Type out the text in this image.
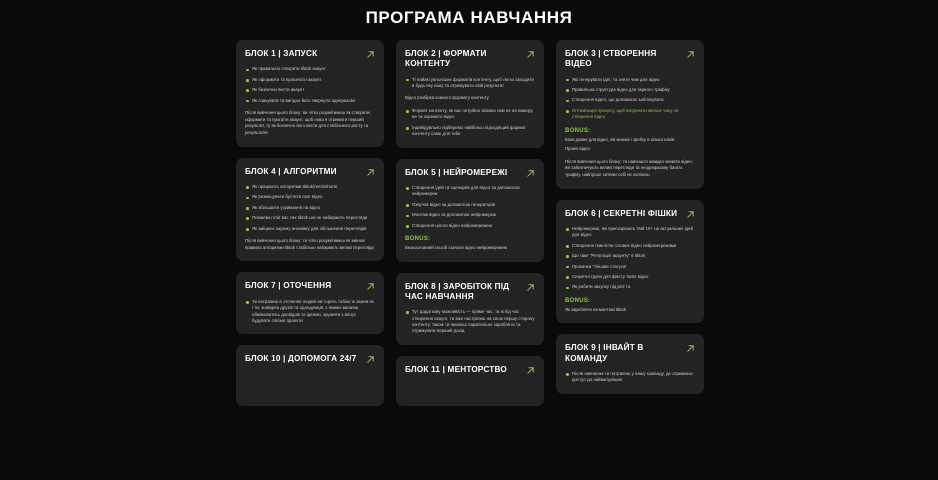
ПРОГРАМА НАВЧАННЯ
БЛОК 1 | ЗАПУСК
Як правильно створити tiktok акаунт
Як оформити та прокачати акаунт
Як безпечно вести акаунт
Як спакувати та вигідно його звернуло одноразово
Після вивчення цього блоку: ви чітко розумітимеш як створити, оформити та прогріти акаунт, щоб нова я отримати перший результат, ту як безпечно його вести для стабільного росту та результатів.
БЛОК 4 | АЛГОРИТМИ
Як працюють алгоритми tiktok/reels/shorts
Як розміщувати бустити свої відео
Як збільшити утримання на відео
Помилки,готів вас тих tiktok шо не набирають перегляди
Як зміцнює окрему анонімку для збільшення переглядів
Після вивчення цього блоку: ти чітко розумітимеш як змінює правила алгоритми tiktok стабільно набирають великі перегляди
БЛОК 7 | ОТОЧЕННЯ
Ти потрапиш в оточення людей які горять тобою ж зажев як і ти, знайдеш друзів та однодумців, з якими зможеш обмінюватись досвідом та ідеями, зрушити з місця будувати спільні проекти
БЛОК 10 | ДОПОМОГА 24/7
БЛОК 2 | ФОРМАТИ КОНТЕНТУ
Ті найактуальніших форматів контенту, щоб легко заходити в будь-яку нішу та отримувати свій результат
Відео розбірка кожного формату контенту
Формат контенту, як вас потрібно зйомка сам не на камеру, не та окремого відео
Індивідуально підберемо найбільш підходящий формат контенту саме для тебе
БЛОК 5 | НЕЙРОМЕРЕЖІ
Створення ідей та сценаріїв для відео за допомогою нейромереж
Озвучка відео за допомогою генераторів
Монтаж відео за допомогою нейромереж
Створення цілого відео нейромережею
BONUS:
Безкоштовний спосіб скачати відео нейромережею
БЛОК 8 | ЗАРОБІТОК ПІД ЧАС НАВЧАННЯ
Тут додаткову можливість — пряме час, та ж під час створення акаунт, ти вже настрілиш на свою першу сторону контенту, також ти зможеш паралельно заробляти та отримувати перший дохід
БЛОК 11 | МЕНТОРСТВО
БЛОК 3 | СТВОРЕННЯ ВІДЕО
Які генерувати ідеї, та зняти чим для відео
Правильна структура відео для гарного трафіку
Створення відео, що допомагає заблокувати
Оптимізація процесу, щоб витрачати менше часу на створення відео
BONUS:
Бази даних для відео, які можна і зробку в кілька кліків
Промо відео
Після вивчення цього блоку: ти навчишся швидко знімати відео, які забезпечують великі перегляди та неодноразову багато трафіку, найгіршої ситеми собі не копіюєш
БЛОК 6 | СЕКРЕТНІ ФІШКИ
Нейромережі, які прискорюють твій 10+ на актуальних ідей для відео
Створення повністю готових відео нейромережами
Що таке "Репутація акаунту" в tiktok
Прокачка "тіньове статуса"
Секретні групи для фіксту твоїх відео
Як робити закупку під рілі та
BONUS:
Як заробляти на монтажі tiktok
БЛОК 9 | ІНВАЙТ В КОМАНДУ
Після навчання ти потрапиш у нашу команду, де отримаєш доступ до найвигідніших
